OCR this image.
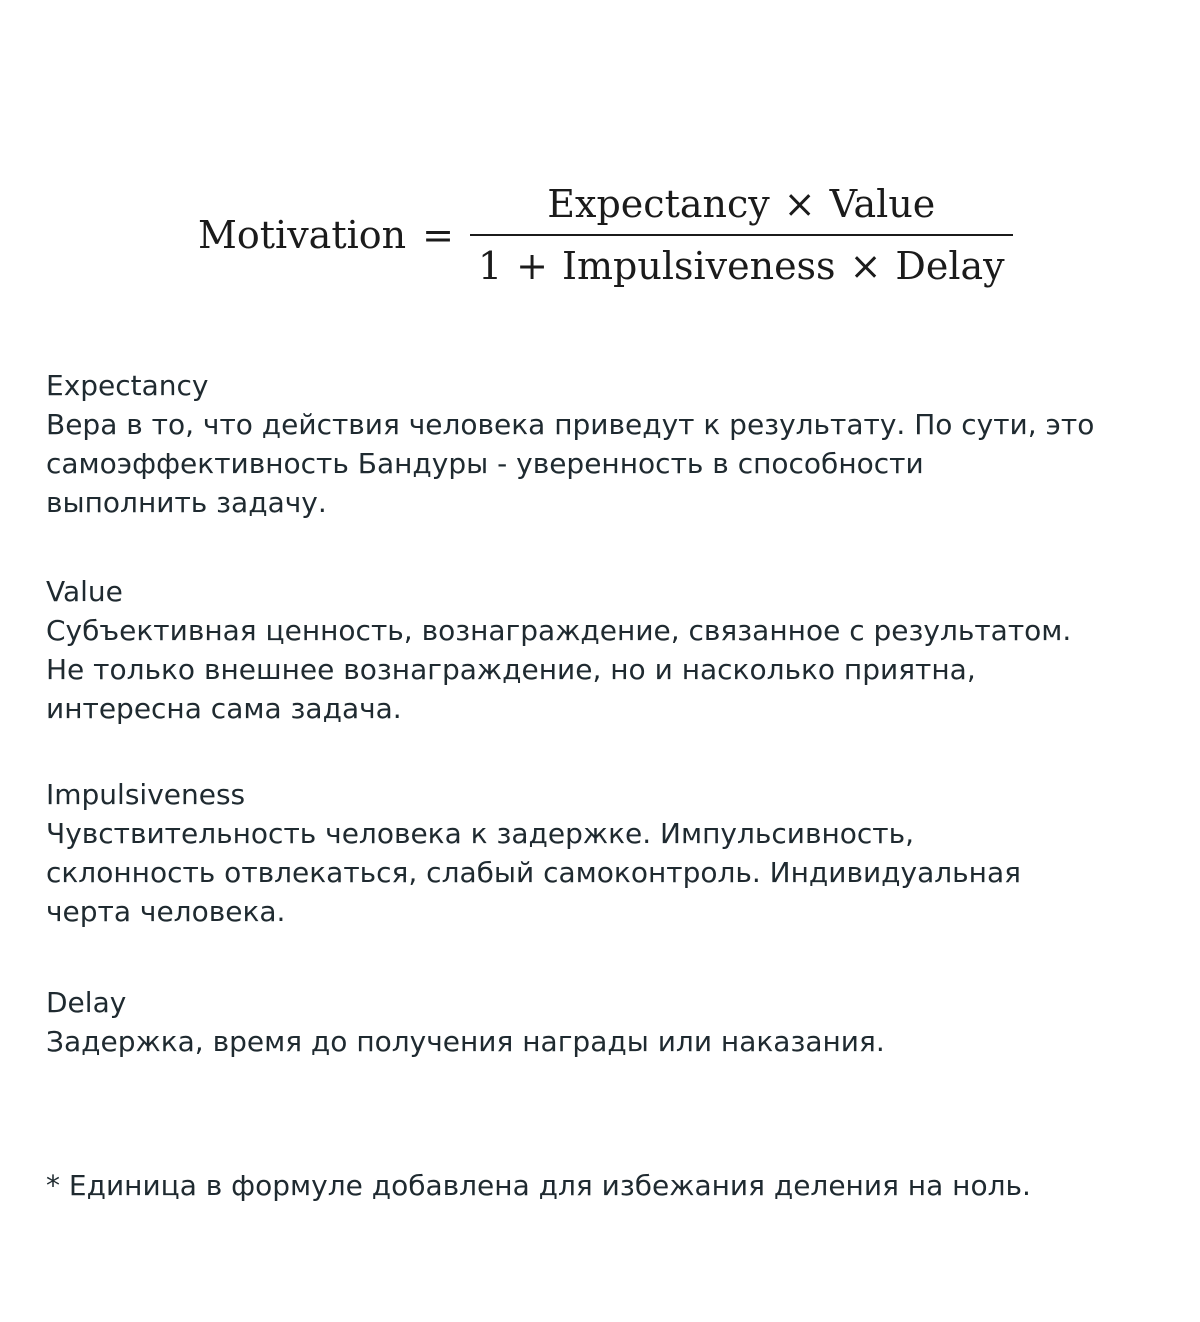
Motivation = $\frac{\text{Expectancy × Value}}{\text{1 + Impulsiveness × Delay}}$
Expectancy
Вера в то, что действия человека приведут к результату. По сути, это
самоэффективность Бандуры - уверенность в способности
выполнить задачу.
Value
Субъективная ценность, вознаграждение, связанное с результатом.
Не только внешнее вознаграждение, но и насколько приятна,
интересна сама задача.
Impulsiveness
Чувствительность человека к задержке. Импульсивность,
склонность отвлекаться, слабый самоконтроль. Индивидуальная
черта человека.
Delay
Задержка, время до получения награды или наказания.
* Единица в формуле добавлена для избежания деления на ноль.
